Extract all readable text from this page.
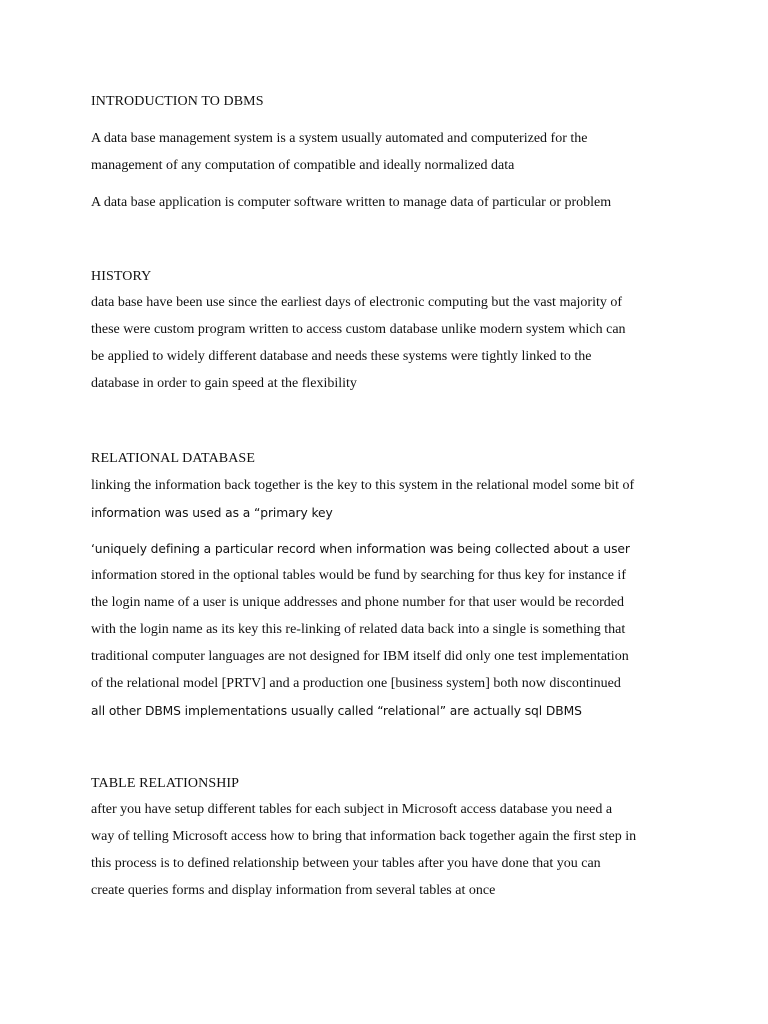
INTRODUCTION TO DBMS

A data base management system is a system usually automated and computerized for the

management of any computation of compatible and ideally normalized data

A data base application is computer software written to manage data of particular or problem

HISTORY

data base have been use since the earliest days of electronic computing but the vast majority of

these were custom program written to access custom database unlike modern system which can

be applied to widely different database and needs these systems were tightly linked to the

database in order to gain speed at the flexibility

RELATIONAL DATABASE

linking the information back together is the key to this system in the relational model some bit of

information was used as a “primary key

‘uniquely defining a particular record when information was being collected about a user

information stored in the optional tables would be fund by searching for thus key for instance if

the login name of a user is unique addresses and phone number for that user would be recorded

with the login name as its key this re-linking of related data back into a single is something that

traditional computer languages are not designed for IBM itself did only one test implementation

of the relational model [PRTV] and a production one [business system] both now discontinued

all other DBMS implementations usually called “relational” are actually sql DBMS

TABLE RELATIONSHIP

after you have setup different tables for each subject in Microsoft access database you need a

way of telling Microsoft access how to bring that information back together again the first step in

this process is to defined relationship between your tables after you have done that you can

create queries forms and display information from several tables at once
